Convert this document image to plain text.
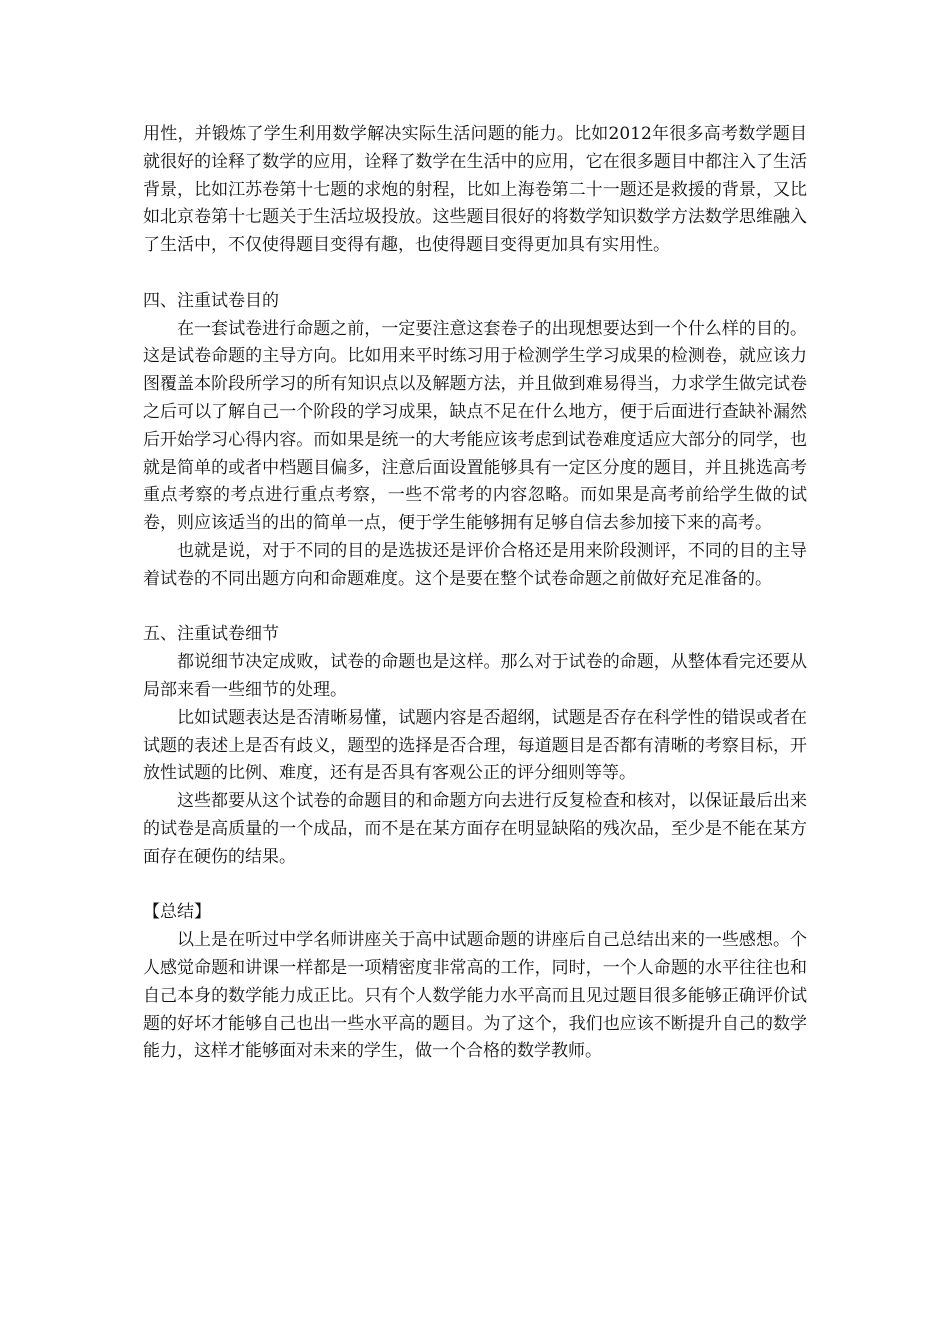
用性，并锻炼了学生利用数学解决实际生活问题的能力。比如2012年很多高考数学题目就很好的诠释了数学的应用，诠释了数学在生活中的应用，它在很多题目中都注入了生活背景，比如江苏卷第十七题的求炮的射程，比如上海卷第二十一题还是救援的背景，又比如北京卷第十七题关于生活垃圾投放。这些题目很好的将数学知识数学方法数学思维融入了生活中，不仅使得题目变得有趣，也使得题目变得更加具有实用性。

四、注重试卷目的

在一套试卷进行命题之前，一定要注意这套卷子的出现想要达到一个什么样的目的。这是试卷命题的主导方向。比如用来平时练习用于检测学生学习成果的检测卷，就应该力图覆盖本阶段所学习的所有知识点以及解题方法，并且做到难易得当，力求学生做完试卷之后可以了解自己一个阶段的学习成果，缺点不足在什么地方，便于后面进行查缺补漏然后开始学习心得内容。而如果是统一的大考能应该考虑到试卷难度适应大部分的同学，也就是简单的或者中档题目偏多，注意后面设置能够具有一定区分度的题目，并且挑选高考重点考察的考点进行重点考察，一些不常考的内容忽略。而如果是高考前给学生做的试卷，则应该适当的出的简单一点，便于学生能够拥有足够自信去参加接下来的高考。

也就是说，对于不同的目的是选拔还是评价合格还是用来阶段测评，不同的目的主导着试卷的不同出题方向和命题难度。这个是要在整个试卷命题之前做好充足准备的。

五、注重试卷细节

都说细节决定成败，试卷的命题也是这样。那么对于试卷的命题，从整体看完还要从局部来看一些细节的处理。

比如试题表达是否清晰易懂，试题内容是否超纲，试题是否存在科学性的错误或者在试题的表述上是否有歧义，题型的选择是否合理，每道题目是否都有清晰的考察目标，开放性试题的比例、难度，还有是否具有客观公正的评分细则等等。

这些都要从这个试卷的命题目的和命题方向去进行反复检查和核对，以保证最后出来的试卷是高质量的一个成品，而不是在某方面存在明显缺陷的残次品，至少是不能在某方面存在硬伤的结果。

【总结】

以上是在听过中学名师讲座关于高中试题命题的讲座后自己总结出来的一些感想。个人感觉命题和讲课一样都是一项精密度非常高的工作，同时，一个人命题的水平往往也和自己本身的数学能力成正比。只有个人数学能力水平高而且见过题目很多能够正确评价试题的好坏才能够自己也出一些水平高的题目。为了这个，我们也应该不断提升自己的数学能力，这样才能够面对未来的学生，做一个合格的数学教师。
